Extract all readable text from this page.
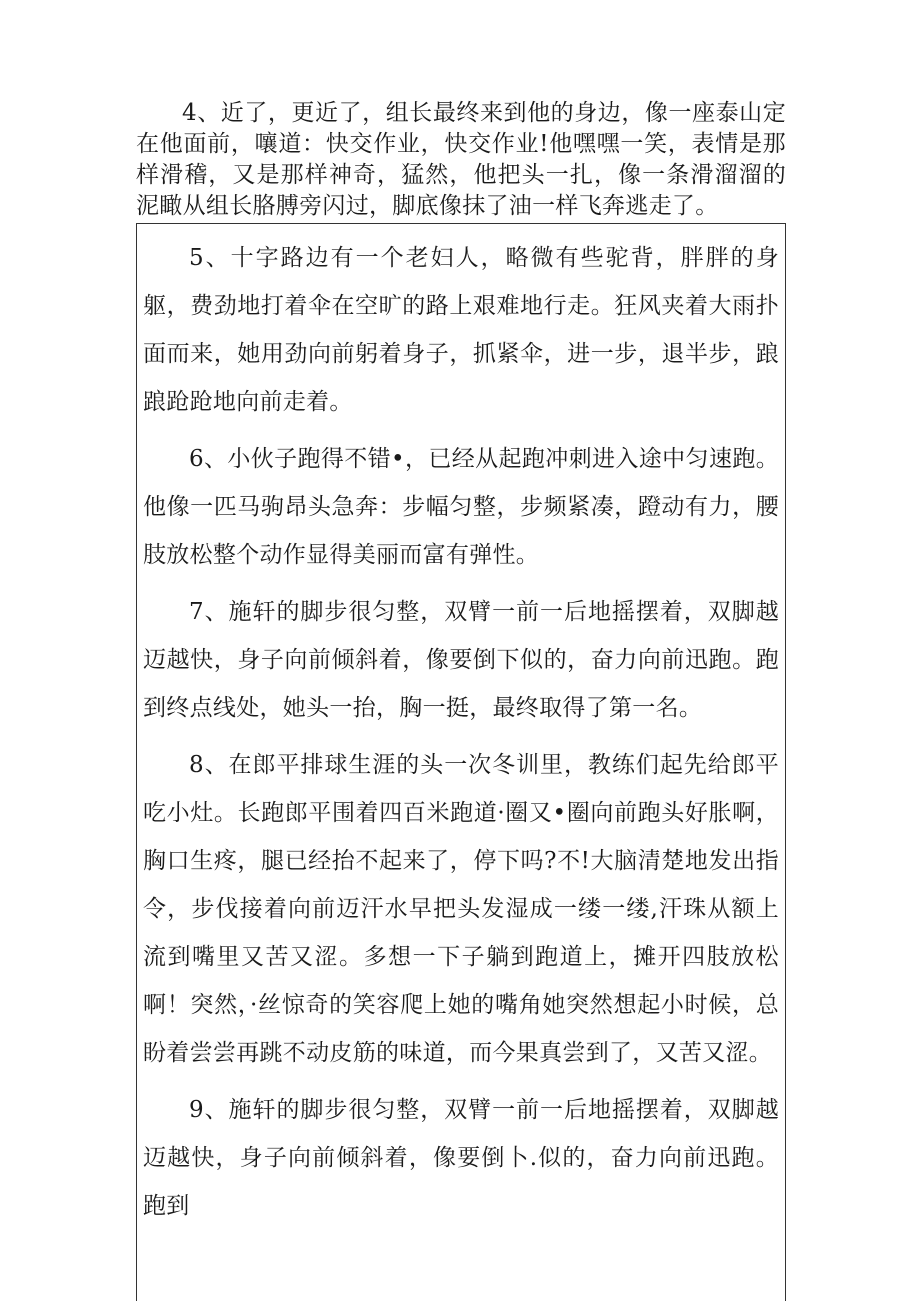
4、近了，更近了，组长最终来到他的身边，像一座泰山定在他面前，嚷道：快交作业，快交作业!他嘿嘿一笑，表情是那样滑稽，又是那样神奇，猛然，他把头一扎，像一条滑溜溜的泥瞰从组长胳膊旁闪过，脚底像抹了油一样飞奔逃走了。

5、十字路边有一个老妇人，略微有些驼背，胖胖的身躯，费劲地打着伞在空旷的路上艰难地行走。狂风夹着大雨扑面而来，她用劲向前躬着身子，抓紧伞，进一步，退半步，踉踉跄跄地向前走着。

6、小伙子跑得不错•，已经从起跑冲刺进入途中匀速跑。他像一匹马驹昂头急奔：步幅匀整，步频紧凑，蹬动有力，腰肢放松整个动作显得美丽而富有弹性。

7、施轩的脚步很匀整，双臂一前一后地摇摆着，双脚越迈越快，身子向前倾斜着，像要倒下似的，奋力向前迅跑。跑到终点线处，她头一抬，胸一挺，最终取得了第一名。

8、在郎平排球生涯的头一次冬训里，教练们起先给郎平吃小灶。长跑郎平围着四百米跑道·圈又•圈向前跑头好胀啊，胸口生疼，腿已经抬不起来了，停下吗?不!大脑清楚地发出指令，步伐接着向前迈汗水早把头发湿成一缕一缕,汗珠从额上流到嘴里又苦又涩。多想一下子躺到跑道上，摊开四肢放松啊！突然，·丝惊奇的笑容爬上她的嘴角她突然想起小时候，总盼着尝尝再跳不动皮筋的味道，而今果真尝到了，又苦又涩。

9、施轩的脚步很匀整，双臂一前一后地摇摆着，双脚越迈越快，身子向前倾斜着，像要倒卜.似的，奋力向前迅跑。跑到
